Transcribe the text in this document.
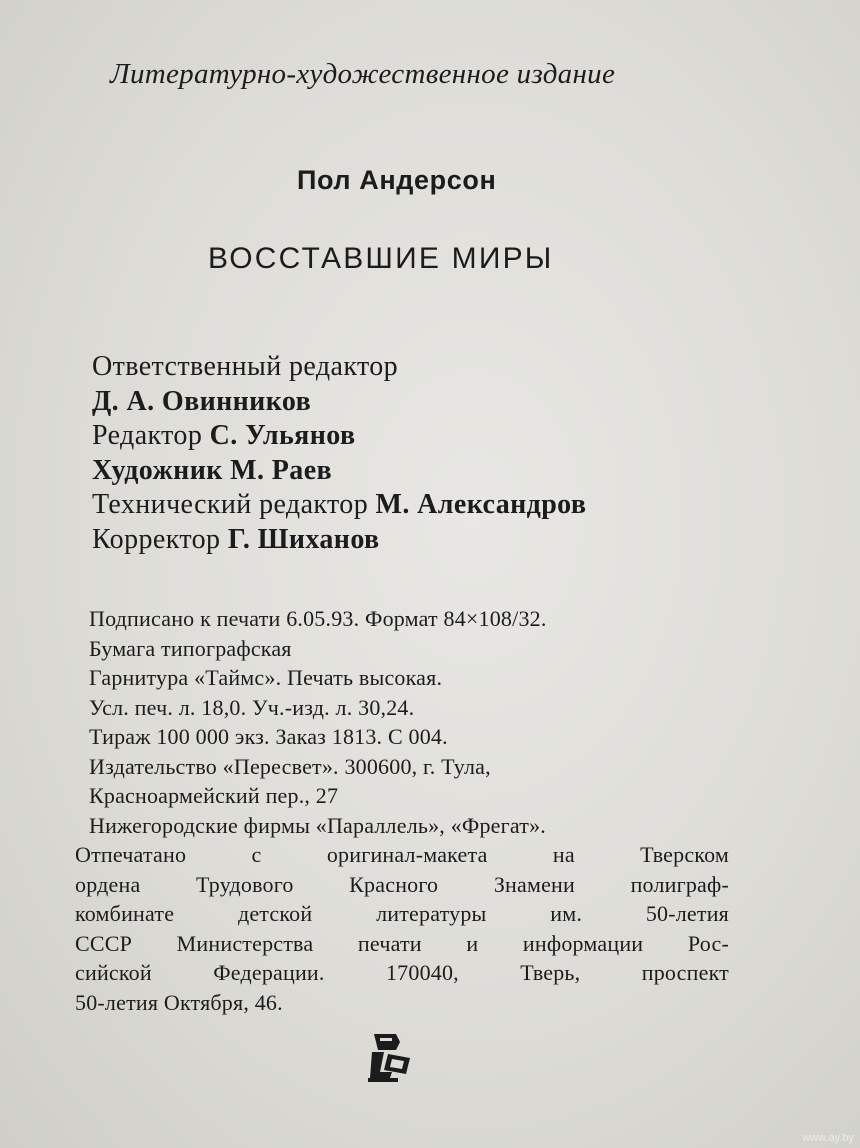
Литературно-художественное издание

Пол Андерсон

ВОССТАВШИЕ МИРЫ

Ответственный редактор
Д. А. Овинников
Редактор С. Ульянов
Художник М. Раев
Технический редактор М. Александров
Корректор Г. Шиханов
Подписано к печати 6.05.93. Формат 84×108/32.
Бумага типографская
Гарнитура «Таймс». Печать высокая.
Усл. печ. л. 18,0. Уч.-изд. л. 30,24.
Тираж 100 000 экз. Заказ 1813. С 004.
Издательство «Пересвет». 300600, г. Тула,
Красноармейский пер., 27
Нижегородские фирмы «Параллель», «Фрегат».
Отпечатано с оригинал-макета на Тверском
ордена Трудового Красного Знамени полиграф-
комбинате детской литературы им. 50-летия
СССР Министерства печати и информации Рос-
сийской Федерации. 170040, Тверь, проспект
50-летия Октября, 46.
www.ay.by
